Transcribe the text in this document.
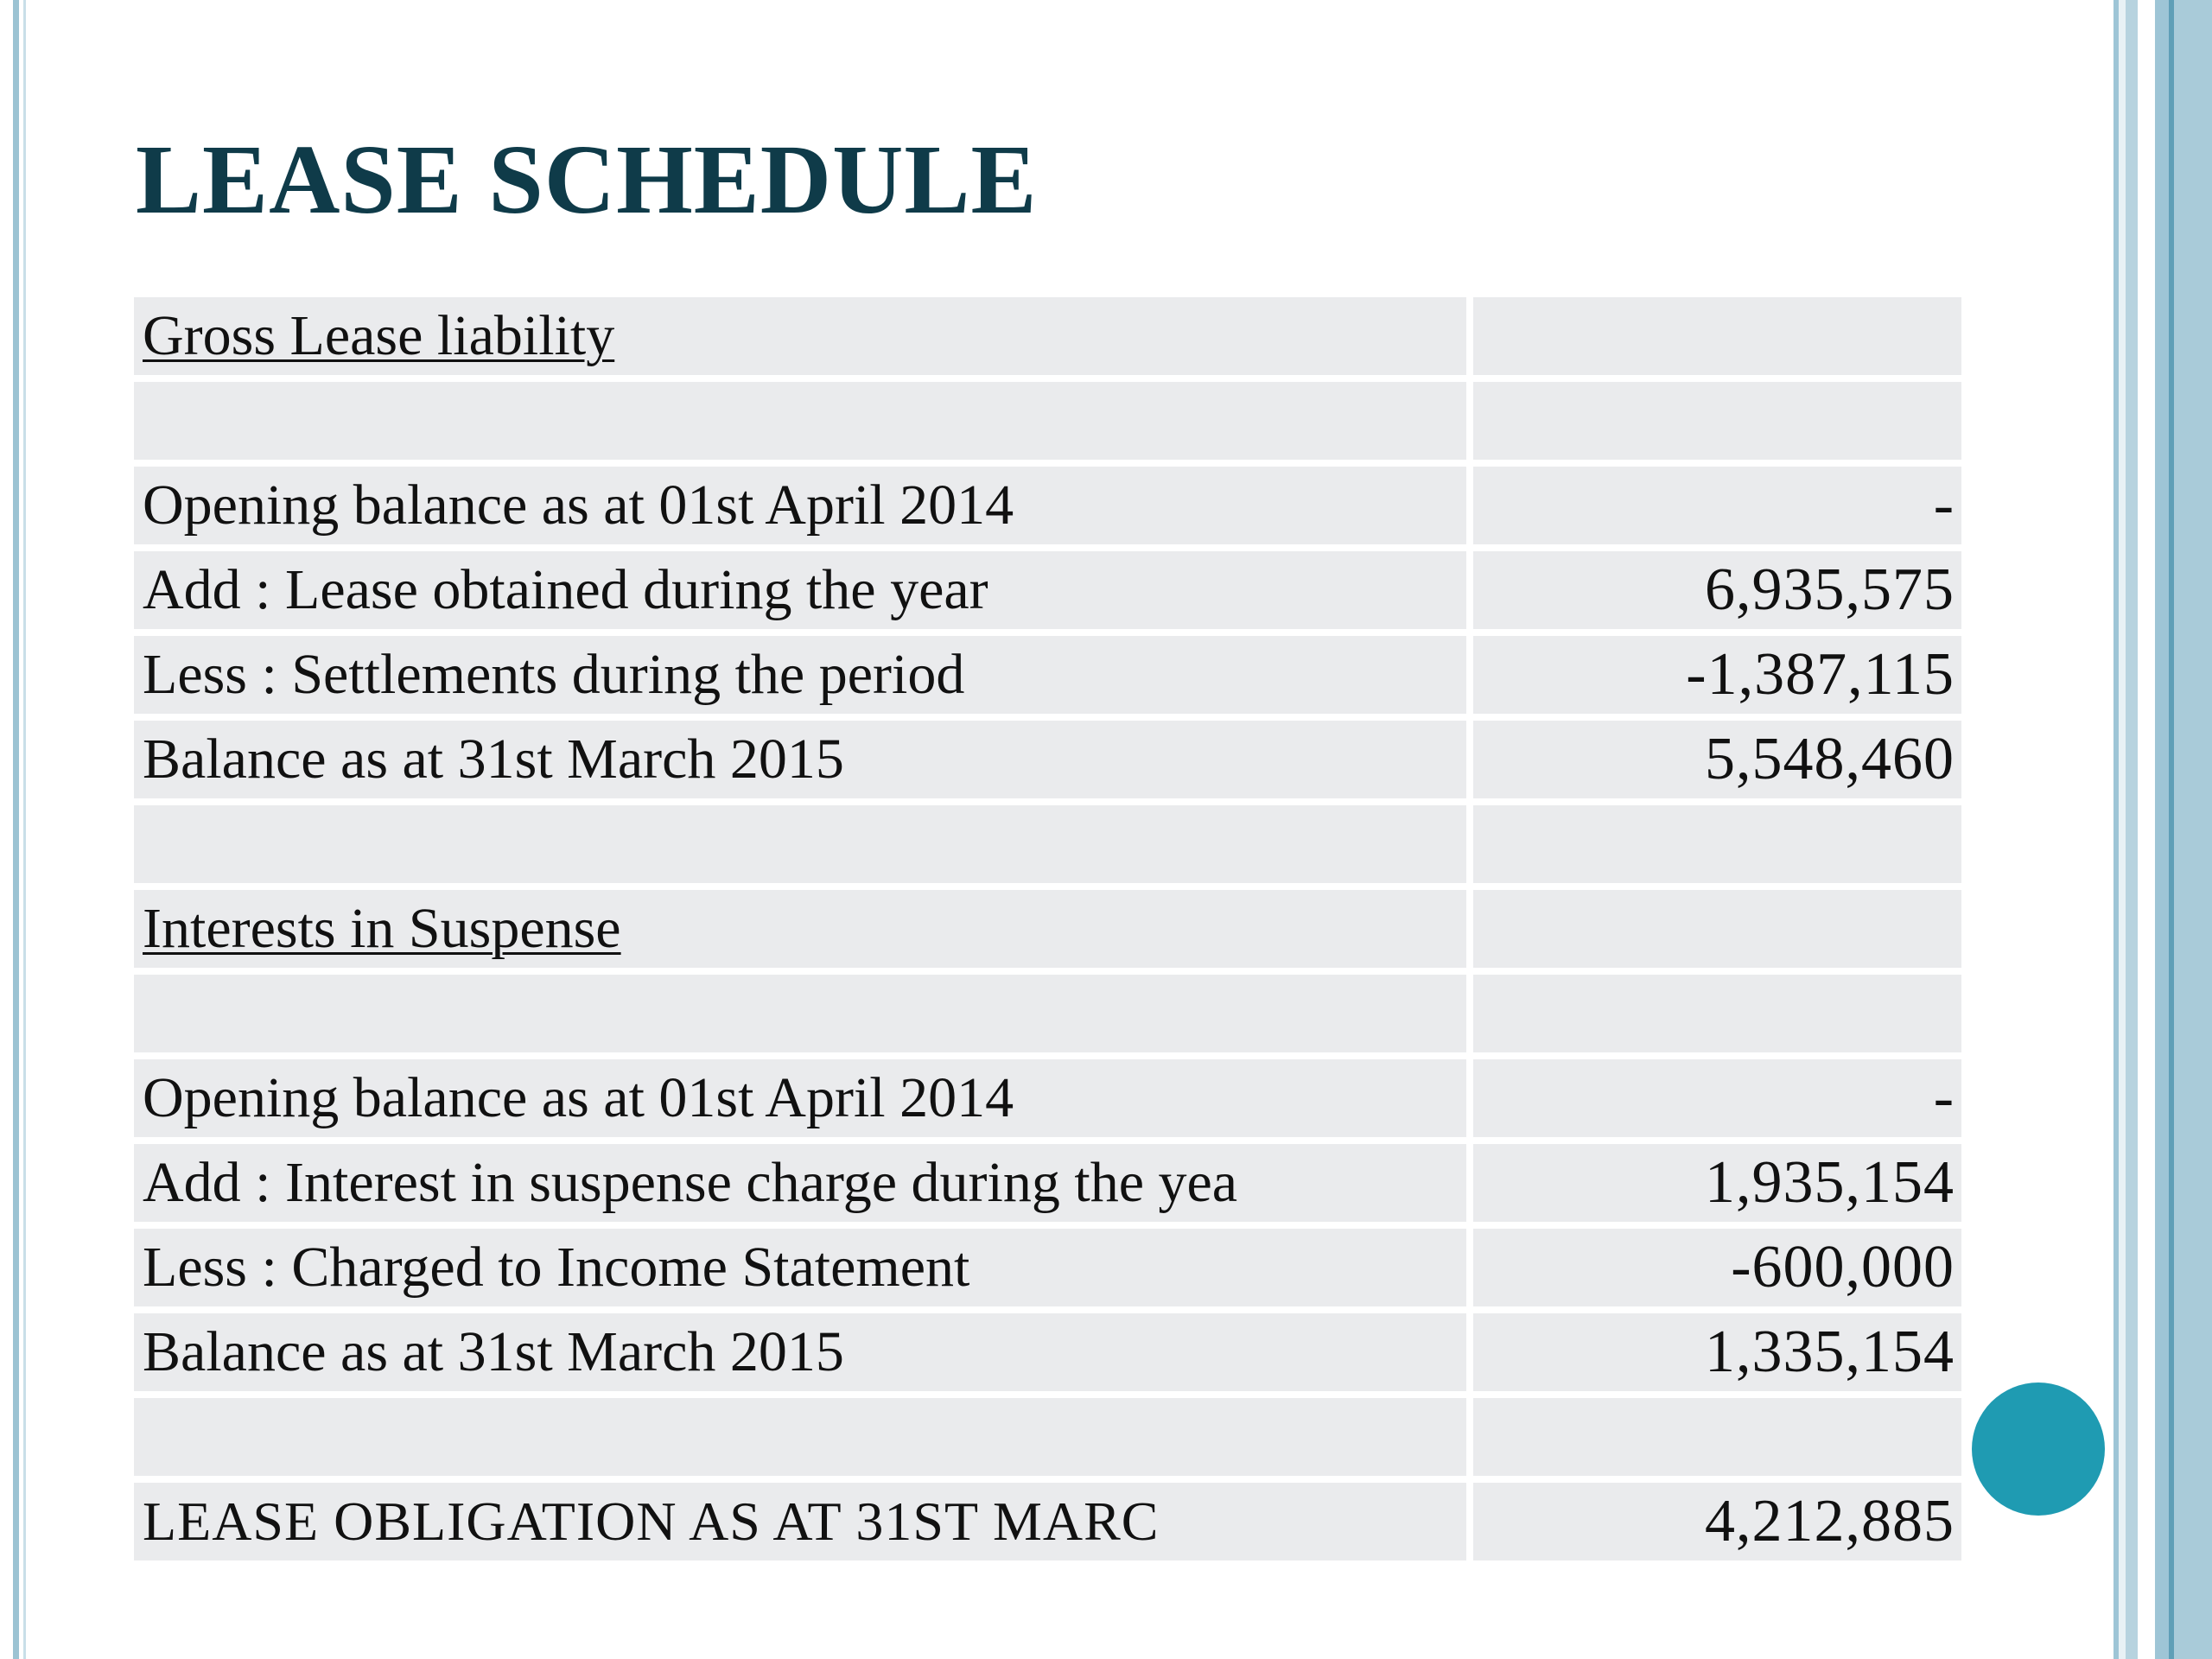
LEASE SCHEDULE
Gross Lease liability
Opening balance as at 01st April 2014	-
Add : Lease obtained during the year	6,935,575
Less : Settlements during the period	-1,387,115
Balance as at 31st March 2015	5,548,460
Interests in Suspense
Opening balance as at 01st April 2014	-
Add : Interest in suspense charge during the yea	1,935,154
Less : Charged to Income Statement	-600,000
Balance as at 31st March 2015	1,335,154
LEASE OBLIGATION AS AT 31ST MARC	4,212,885
